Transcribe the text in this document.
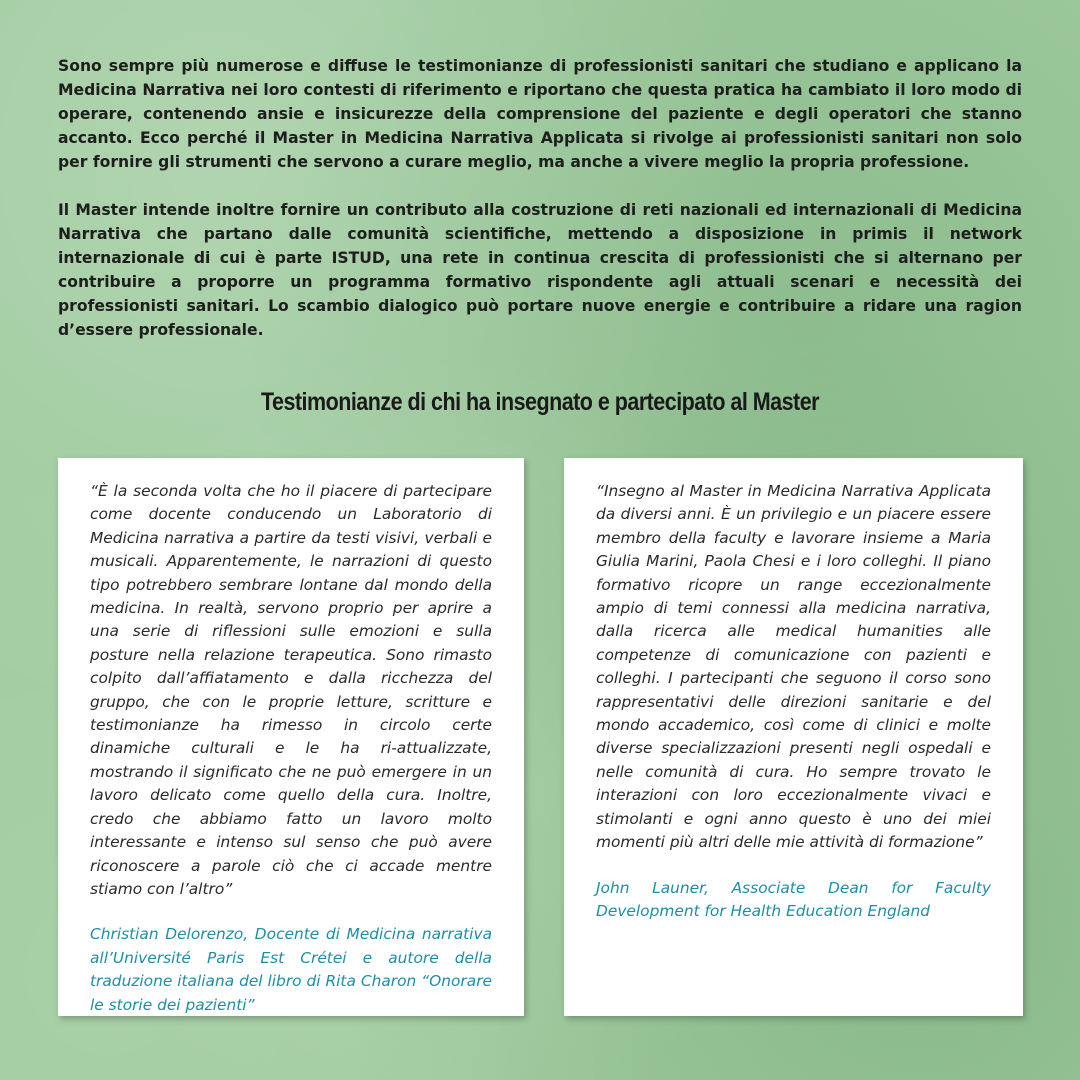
Sono sempre più numerose e diffuse le testimonianze di professionisti sanitari che studiano e applicano la Medicina Narrativa nei loro contesti di riferimento e riportano che questa pratica ha cambiato il loro modo di operare, contenendo ansie e insicurezze della comprensione del paziente e degli operatori che stanno accanto. Ecco perché il Master in Medicina Narrativa Applicata si rivolge ai professionisti sanitari non solo per fornire gli strumenti che servono a curare meglio, ma anche a vivere meglio la propria professione.

Il Master intende inoltre fornire un contributo alla costruzione di reti nazionali ed internazionali di Medicina Narrativa che partano dalle comunità scientifiche, mettendo a disposizione in primis il network internazionale di cui è parte ISTUD, una rete in continua crescita di professionisti che si alternano per contribuire a proporre un programma formativo rispondente agli attuali scenari e necessità dei professionisti sanitari. Lo scambio dialogico può portare nuove energie e contribuire a ridare una ragion d’essere professionale.

Testimonianze di chi ha insegnato e partecipato al Master

“È la seconda volta che ho il piacere di partecipare come docente conducendo un Laboratorio di Medicina narrativa a partire da testi visivi, verbali e musicali. Apparentemente, le narrazioni di questo tipo potrebbero sembrare lontane dal mondo della medicina. In realtà, servono proprio per aprire a una serie di riflessioni sulle emozioni e sulla posture nella relazione terapeutica. Sono rimasto colpito dall’affiatamento e dalla ricchezza del gruppo, che con le proprie letture, scritture e testimonianze ha rimesso in circolo certe dinamiche culturali e le ha ri-attualizzate, mostrando il significato che ne può emergere in un lavoro delicato come quello della cura. Inoltre, credo che abbiamo fatto un lavoro molto interessante e intenso sul senso che può avere riconoscere a parole ciò che ci accade mentre stiamo con l’altro”

Christian Delorenzo, Docente di Medicina narrativa all’Université Paris Est Crétei e autore della traduzione italiana del libro di Rita Charon “Onorare le storie dei pazienti”

“Insegno al Master in Medicina Narrativa Applicata da diversi anni. È un privilegio e un piacere essere membro della faculty e lavorare insieme a Maria Giulia Marini, Paola Chesi e i loro colleghi. Il piano formativo ricopre un range eccezionalmente ampio di temi connessi alla medicina narrativa, dalla ricerca alle medical humanities alle competenze di comunicazione con pazienti e colleghi. I partecipanti che seguono il corso sono rappresentativi delle direzioni sanitarie e del mondo accademico, così come di clinici e molte diverse specializzazioni presenti negli ospedali e nelle comunità di cura. Ho sempre trovato le interazioni con loro eccezionalmente vivaci e stimolanti e ogni anno questo è uno dei miei momenti più altri delle mie attività di formazione”

John Launer, Associate Dean for Faculty Development for Health Education England
